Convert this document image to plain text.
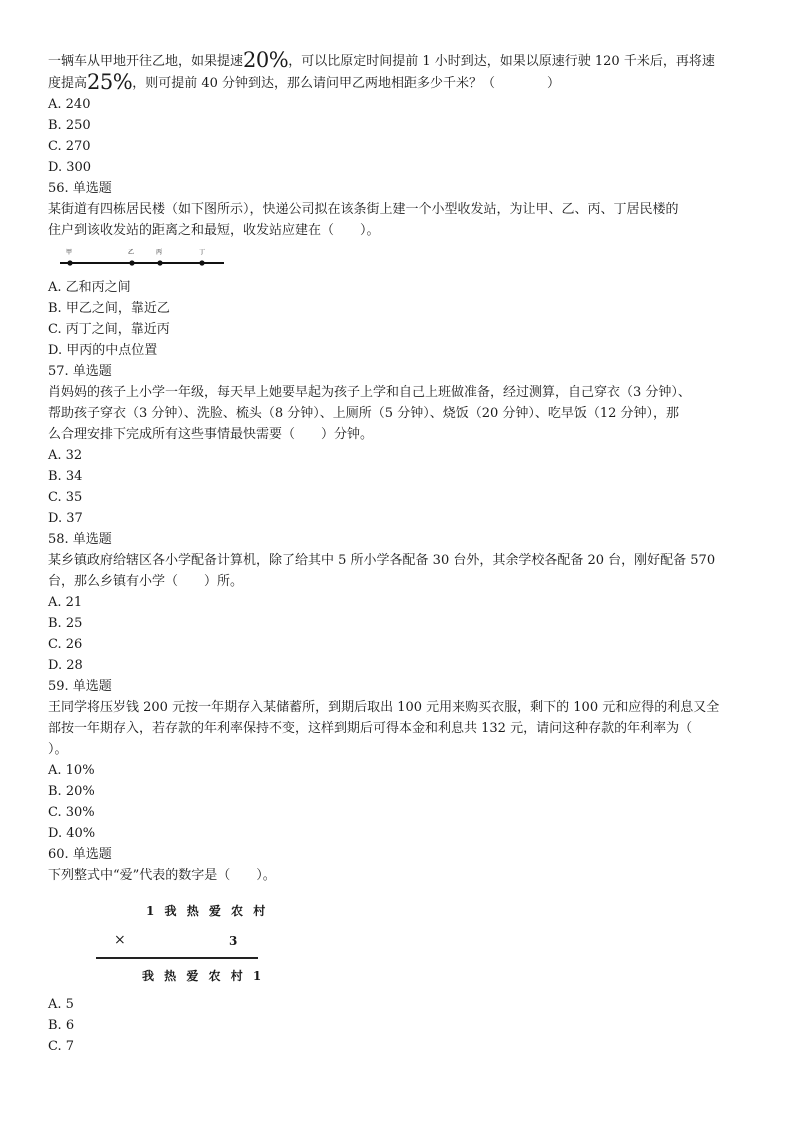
一辆车从甲地开往乙地，如果提速20%，可以比原定时间提前 1 小时到达，如果以原速行驶 120 千米后，再将速
度提高25%，则可提前 40 分钟到达，那么请问甲乙两地相距多少千米？（　　　　）
A. 240
B. 250
C. 270
D. 300
56. 单选题
某街道有四栋居民楼（如下图所示），快递公司拟在该条街上建一个小型收发站，为让甲、乙、丙、丁居民楼的
住户到该收发站的距离之和最短，收发站应建在（　　）。
甲	乙	丙	丁
A. 乙和丙之间
B. 甲乙之间，靠近乙
C. 丙丁之间，靠近丙
D. 甲丙的中点位置
57. 单选题
肖妈妈的孩子上小学一年级，每天早上她要早起为孩子上学和自己上班做准备，经过测算，自己穿衣（3 分钟）、
帮助孩子穿衣（3 分钟）、洗脸、梳头（8 分钟）、上厕所（5 分钟）、烧饭（20 分钟）、吃早饭（12 分钟），那
么合理安排下完成所有这些事情最快需要（　　）分钟。
A. 32
B. 34
C. 35
D. 37
58. 单选题
某乡镇政府给辖区各小学配备计算机，除了给其中 5 所小学各配备 30 台外，其余学校各配备 20 台，刚好配备 570
台，那么乡镇有小学（　　）所。
A. 21
B. 25
C. 26
D. 28
59. 单选题
王同学将压岁钱 200 元按一年期存入某储蓄所，到期后取出 100 元用来购买衣服，剩下的 100 元和应得的利息又全
部按一年期存入，若存款的年利率保持不变，这样到期后可得本金和利息共 132 元，请问这种存款的年利率为（
）。
A. 10%
B. 20%
C. 30%
D. 40%
60. 单选题
下列整式中“爱”代表的数字是（　　）。
1 我 热 爱 农 村
×	3
我 热 爱 农 村 1
A. 5
B. 6
C. 7
